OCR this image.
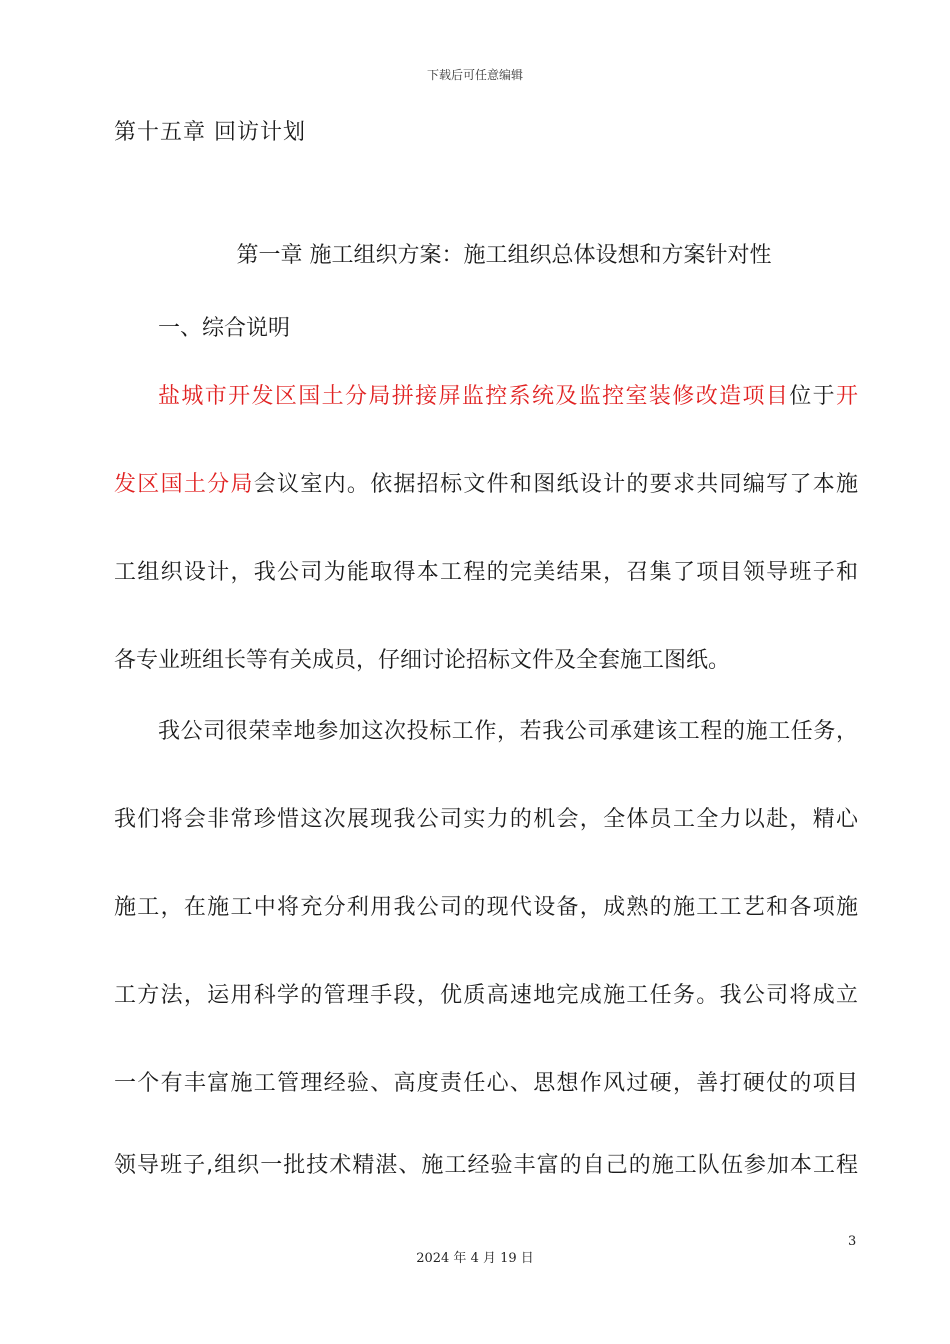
下载后可任意编辑
第十五章 回访计划
第一章 施工组织方案：施工组织总体设想和方案针对性
一、综合说明
盐城市开发区国土分局拼接屏监控系统及监控室装修改造项目位于开
发区国土分局会议室内。依据招标文件和图纸设计的要求共同编写了本施
工组织设计，我公司为能取得本工程的完美结果，召集了项目领导班子和
各专业班组长等有关成员，仔细讨论招标文件及全套施工图纸。
我公司很荣幸地参加这次投标工作，若我公司承建该工程的施工任务，
我们将会非常珍惜这次展现我公司实力的机会，全体员工全力以赴，精心
施工，在施工中将充分利用我公司的现代设备，成熟的施工工艺和各项施
工方法，运用科学的管理手段，优质高速地完成施工任务。我公司将成立
一个有丰富施工管理经验、高度责任心、思想作风过硬，善打硬仗的项目
领导班子,组织一批技术精湛、施工经验丰富的自己的施工队伍参加本工程
3
2024 年 4 月 19 日
